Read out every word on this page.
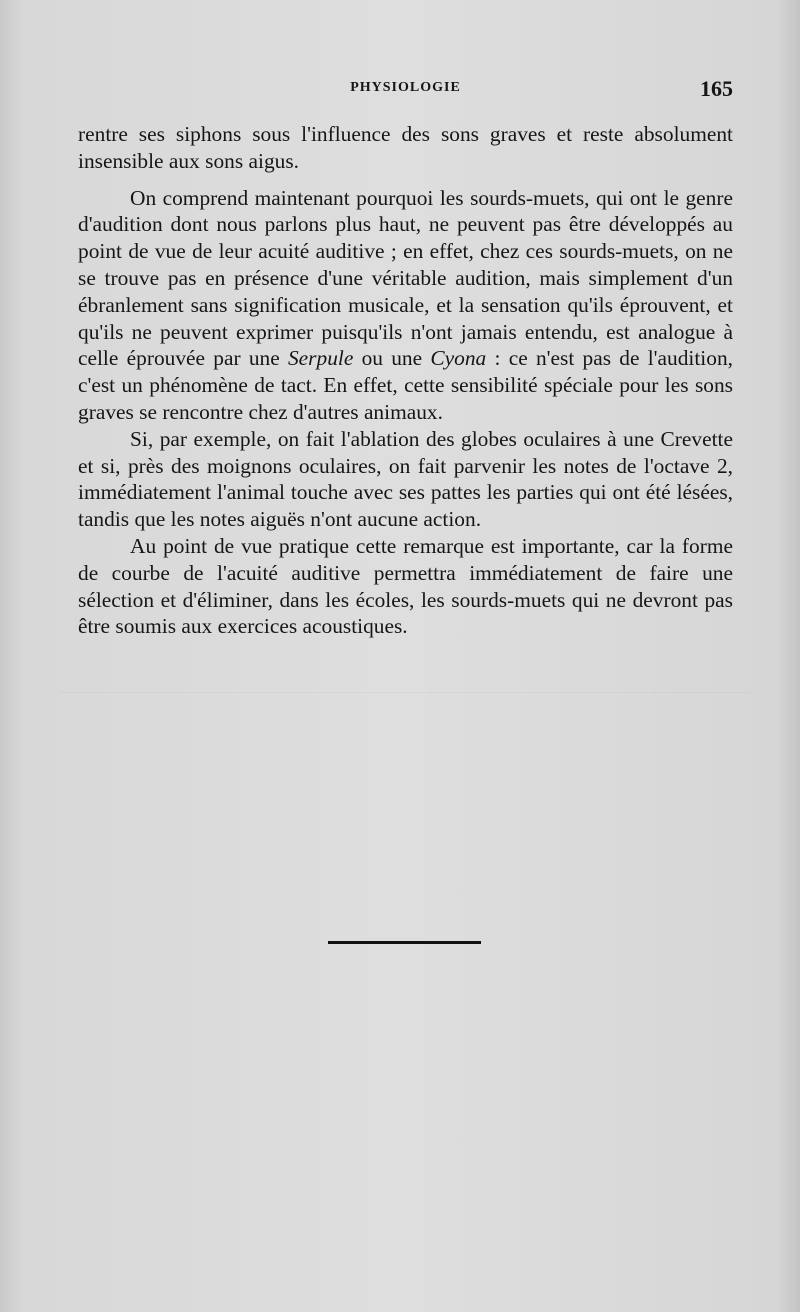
PHYSIOLOGIE	165

rentre ses siphons sous l'influence des sons graves et reste absolument insensible aux sons aigus.

On comprend maintenant pourquoi les sourds-muets, qui ont le genre d'audition dont nous parlons plus haut, ne peuvent pas être développés au point de vue de leur acuité auditive ; en effet, chez ces sourds-muets, on ne se trouve pas en présence d'une véritable audition, mais simplement d'un ébranlement sans signification musicale, et la sensation qu'ils éprouvent, et qu'ils ne peuvent exprimer puisqu'ils n'ont jamais entendu, est analogue à celle éprouvée par une Serpule ou une Cyona : ce n'est pas de l'audition, c'est un phénomène de tact. En effet, cette sensibilité spéciale pour les sons graves se rencontre chez d'autres animaux.

Si, par exemple, on fait l'ablation des globes oculaires à une Crevette et si, près des moignons oculaires, on fait parvenir les notes de l'octave 2, immédiatement l'animal touche avec ses pattes les parties qui ont été lésées, tandis que les notes aiguës n'ont aucune action.

Au point de vue pratique cette remarque est importante, car la forme de courbe de l'acuité auditive permettra immédiatement de faire une sélection et d'éliminer, dans les écoles, les sourds-muets qui ne devront pas être soumis aux exercices acoustiques.
